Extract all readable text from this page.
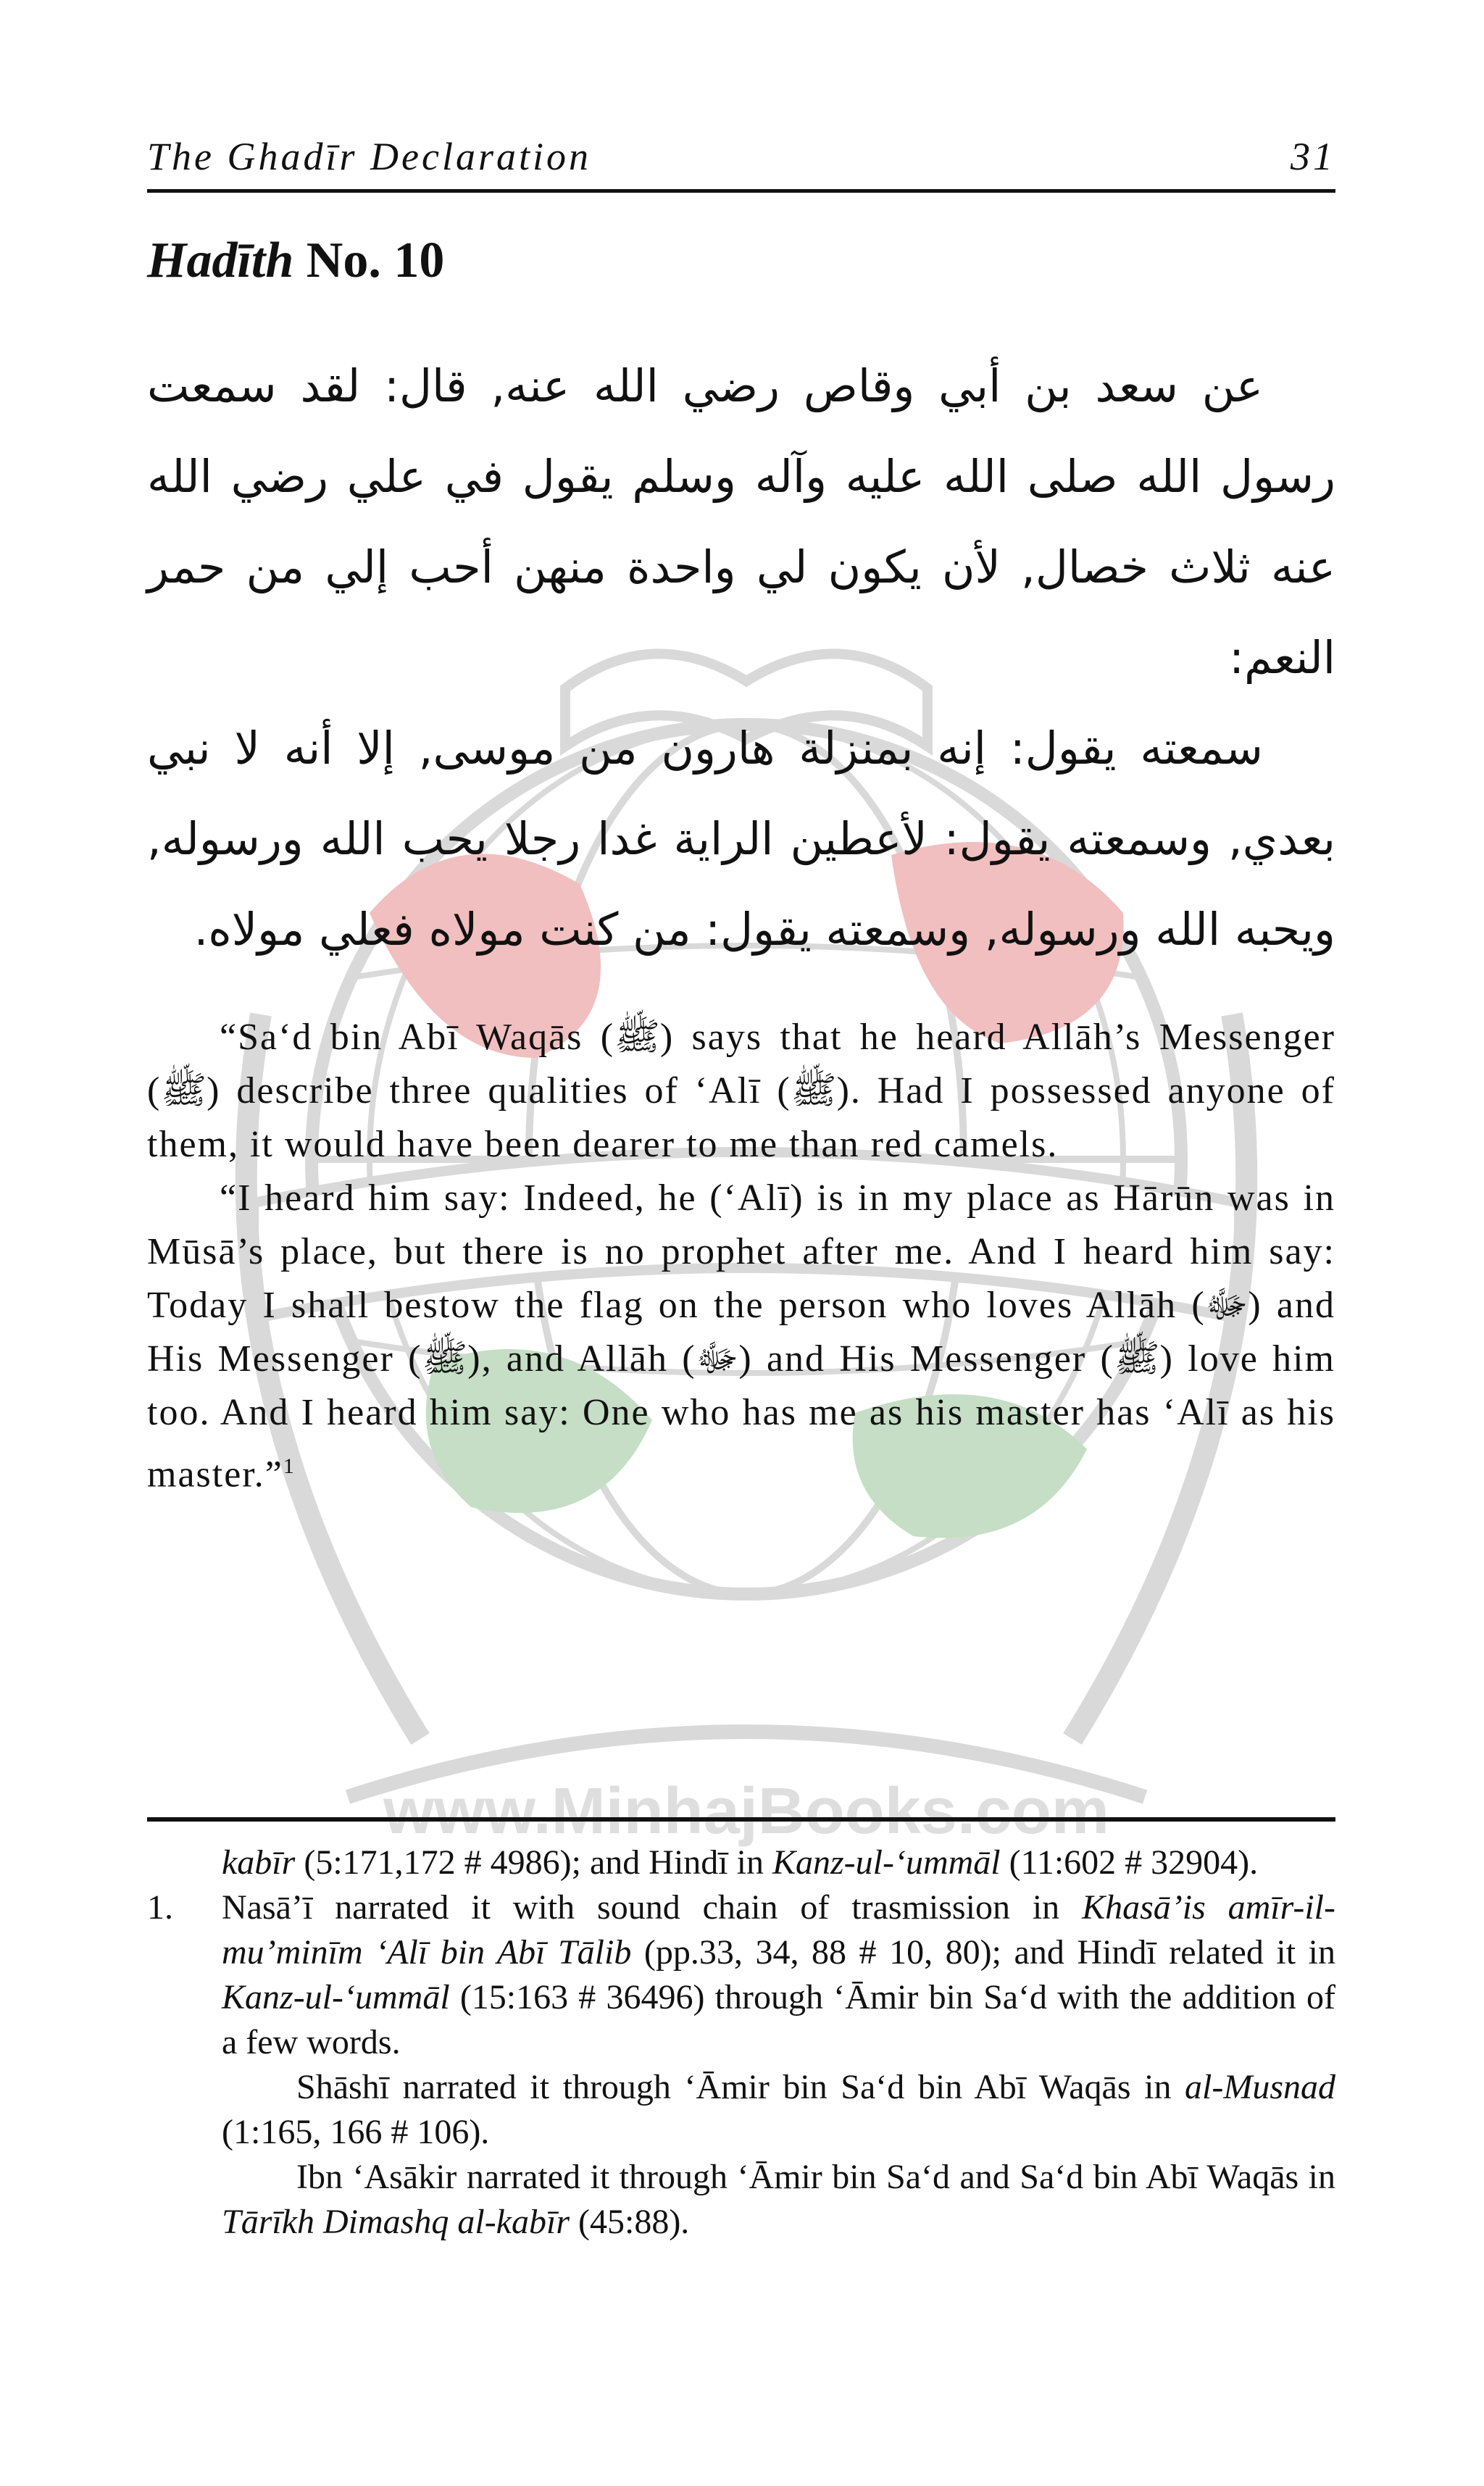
www.MinhajBooks.com
The Ghadīr Declaration	31
Hadīth No. 10

عن سعد بن أبي وقاص رضي الله عنه, قال: لقد سمعت رسول الله صلى الله عليه وآله وسلم يقول في علي رضي الله عنه ثلاث خصال, لأن يكون لي واحدة منهن أحب إلي من حمر النعم:

سمعته يقول: إنه بمنزلة هارون من موسى, إلا أنه لا نبي بعدي, وسمعته يقول: لأعطين الراية غدا رجلا يحب الله ورسوله, ويحبه الله ورسوله, وسمعته يقول: من كنت مولاه فعلي مولاه.

“Sa‘d bin Abī Waqās (ﷺ) says that he heard Allāh’s Messenger (ﷺ) describe three qualities of ‘Alī (ﷺ). Had I possessed anyone of them, it would have been dearer to me than red camels.

“I heard him say: Indeed, he (‘Alī) is in my place as Hārūn was in Mūsā’s place, but there is no prophet after me. And I heard him say: Today I shall bestow the flag on the person who loves Allāh (ﷻ) and His Messenger (ﷺ), and Allāh (ﷻ) and His Messenger (ﷺ) love him too. And I heard him say: One who has me as his master has ‘Alī as his master.”$^1$

kabīr (5:171,172 # 4986); and Hindī in Kanz-ul-‘ummāl (11:602 # 32904).

1.	Nasā’ī narrated it with sound chain of trasmission in Khasā’is amīr-il-mu’minīm ‘Alī bin Abī Tālib (pp.33, 34, 88 # 10, 80); and Hindī related it in Kanz-ul-‘ummāl (15:163 # 36496) through ‘Āmir bin Sa‘d with the addition of a few words.

Shāshī narrated it through ‘Āmir bin Sa‘d bin Abī Waqās in al-Musnad (1:165, 166 # 106).

Ibn ‘Asākir narrated it through ‘Āmir bin Sa‘d and Sa‘d bin Abī Waqās in Tārīkh Dimashq al-kabīr (45:88).
